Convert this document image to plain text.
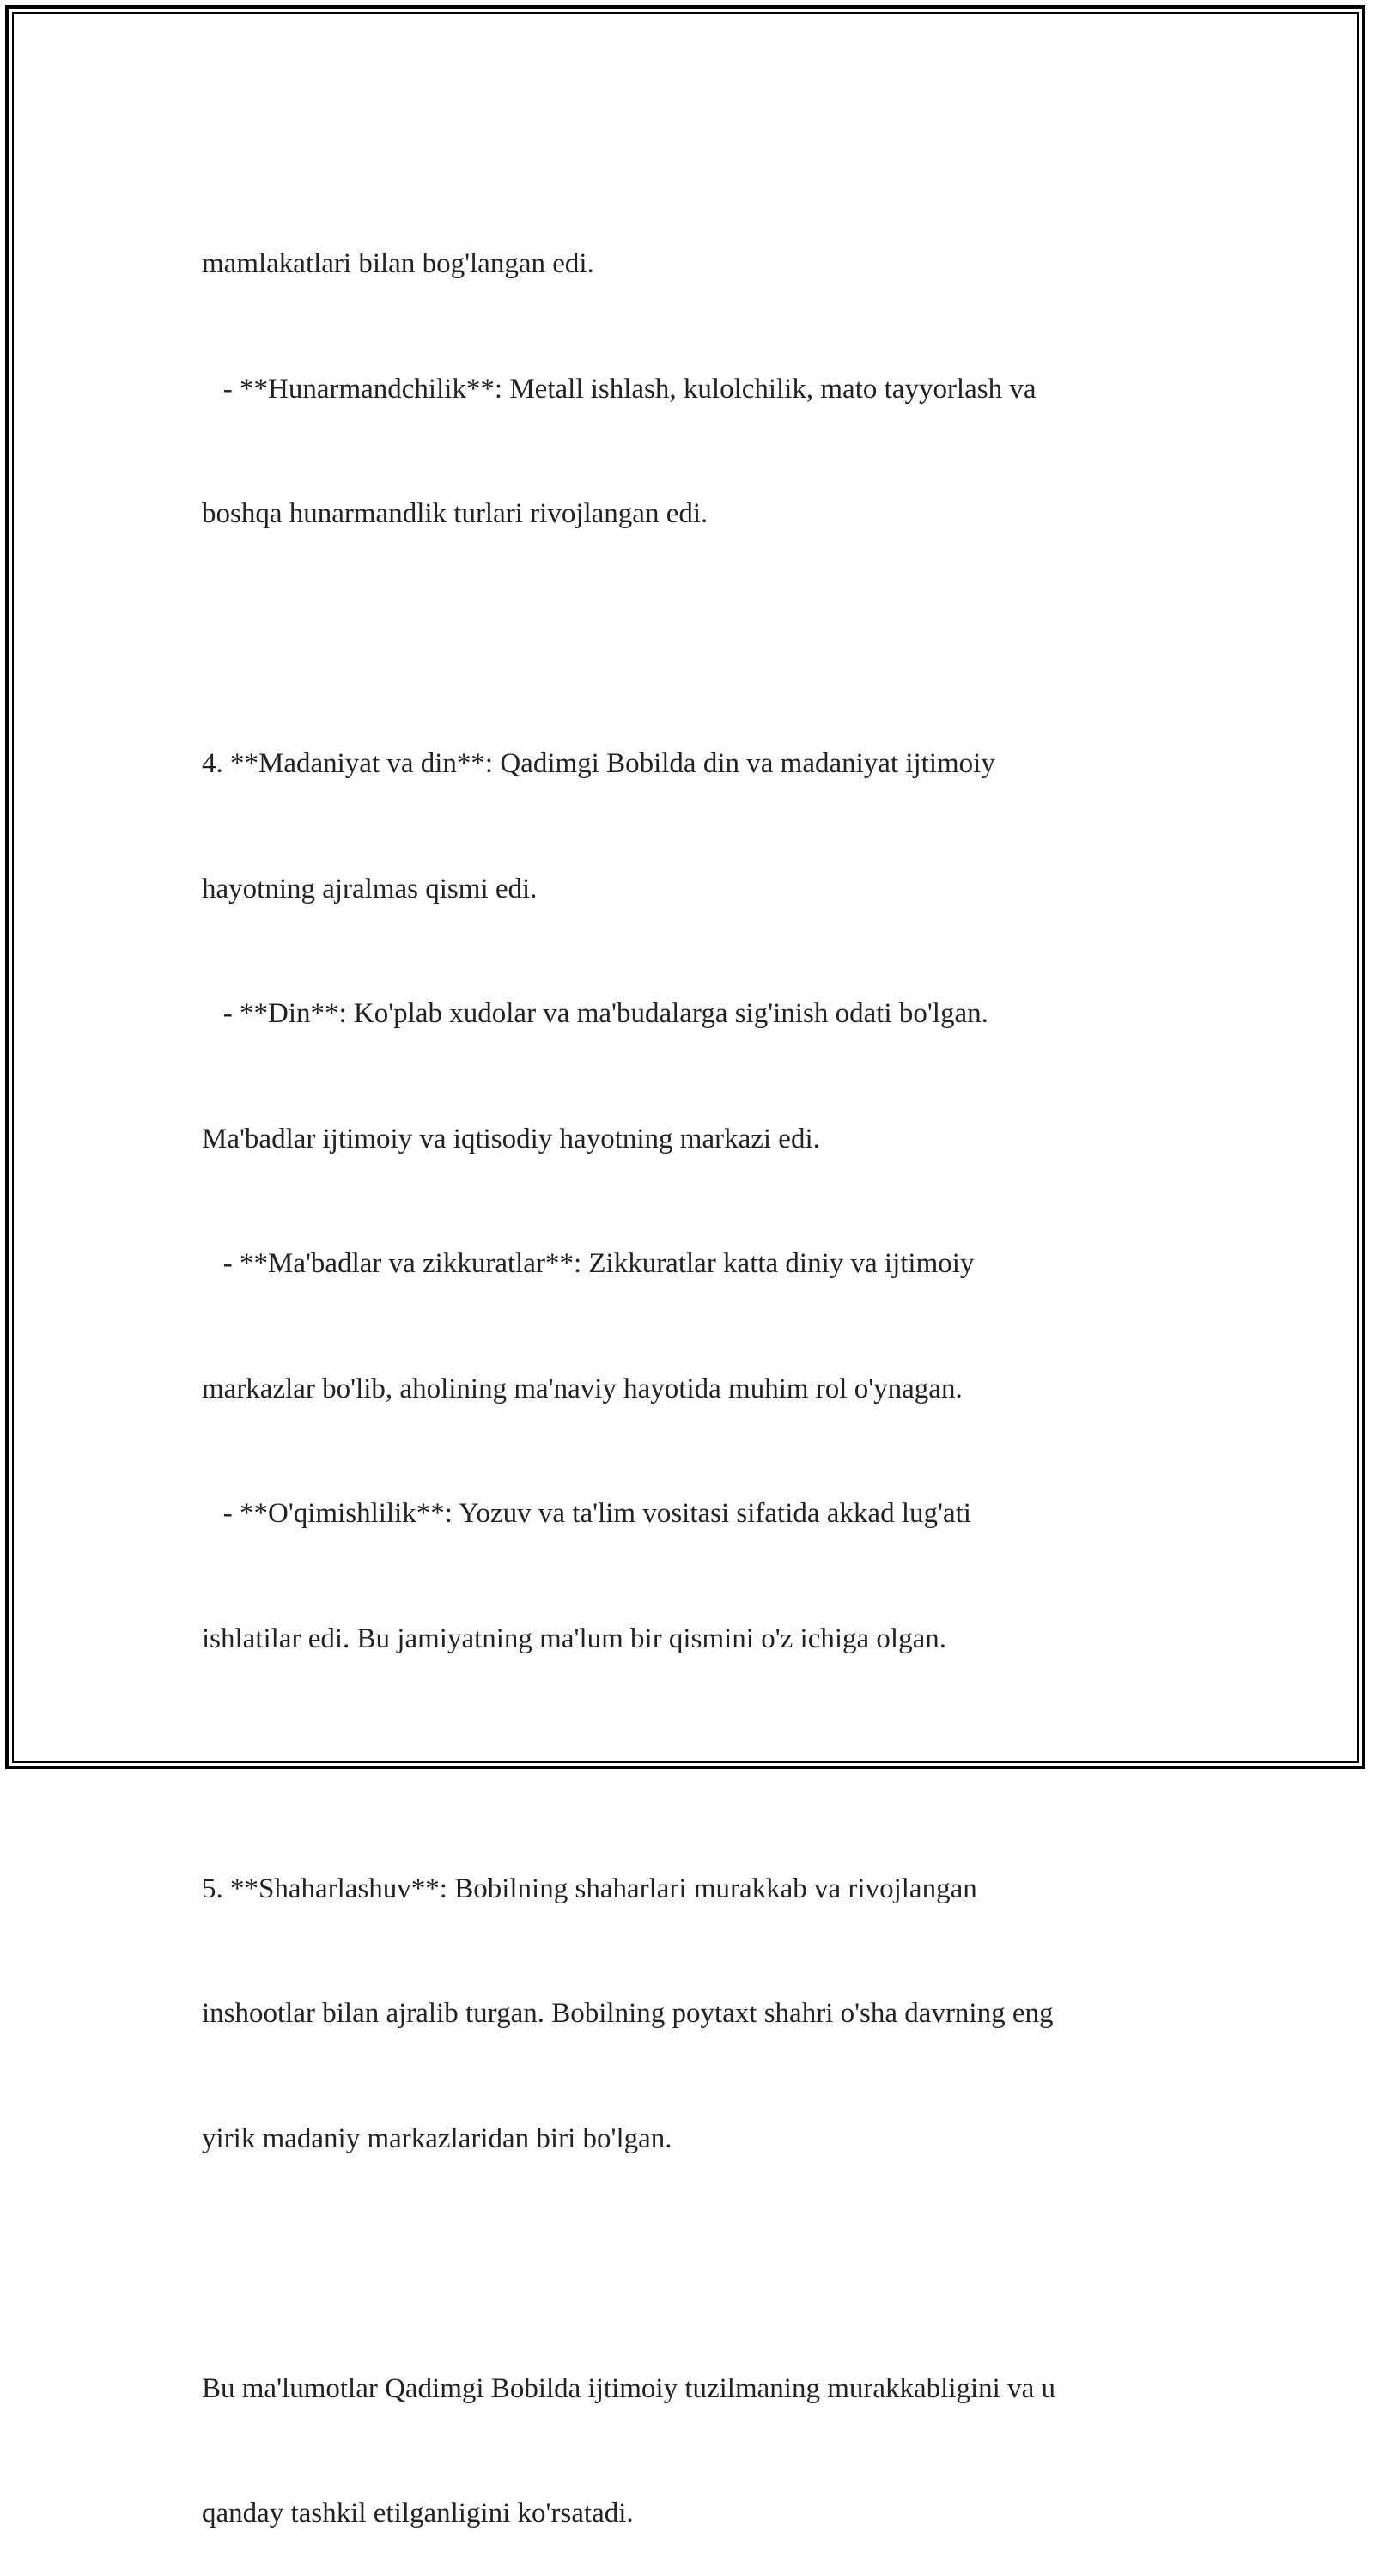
mamlakatlari bilan bog'langan edi.

- **Hunarmandchilik**: Metall ishlash, kulolchilik, mato tayyorlash va

boshqa hunarmandlik turlari rivojlangan edi.

4. **Madaniyat va din**: Qadimgi Bobilda din va madaniyat ijtimoiy

hayotning ajralmas qismi edi.

- **Din**: Ko'plab xudolar va ma'budalarga sig'inish odati bo'lgan.

Ma'badlar ijtimoiy va iqtisodiy hayotning markazi edi.

- **Ma'badlar va zikkuratlar**: Zikkuratlar katta diniy va ijtimoiy

markazlar bo'lib, aholining ma'naviy hayotida muhim rol o'ynagan.

- **O'qimishlilik**: Yozuv va ta'lim vositasi sifatida akkad lug'ati

ishlatilar edi. Bu jamiyatning ma'lum bir qismini o'z ichiga olgan.

5. **Shaharlashuv**: Bobilning shaharlari murakkab va rivojlangan

inshootlar bilan ajralib turgan. Bobilning poytaxt shahri o'sha davrning eng

yirik madaniy markazlaridan biri bo'lgan.

Bu ma'lumotlar Qadimgi Bobilda ijtimoiy tuzilmaning murakkabligini va u

qanday tashkil etilganligini ko'rsatadi.
